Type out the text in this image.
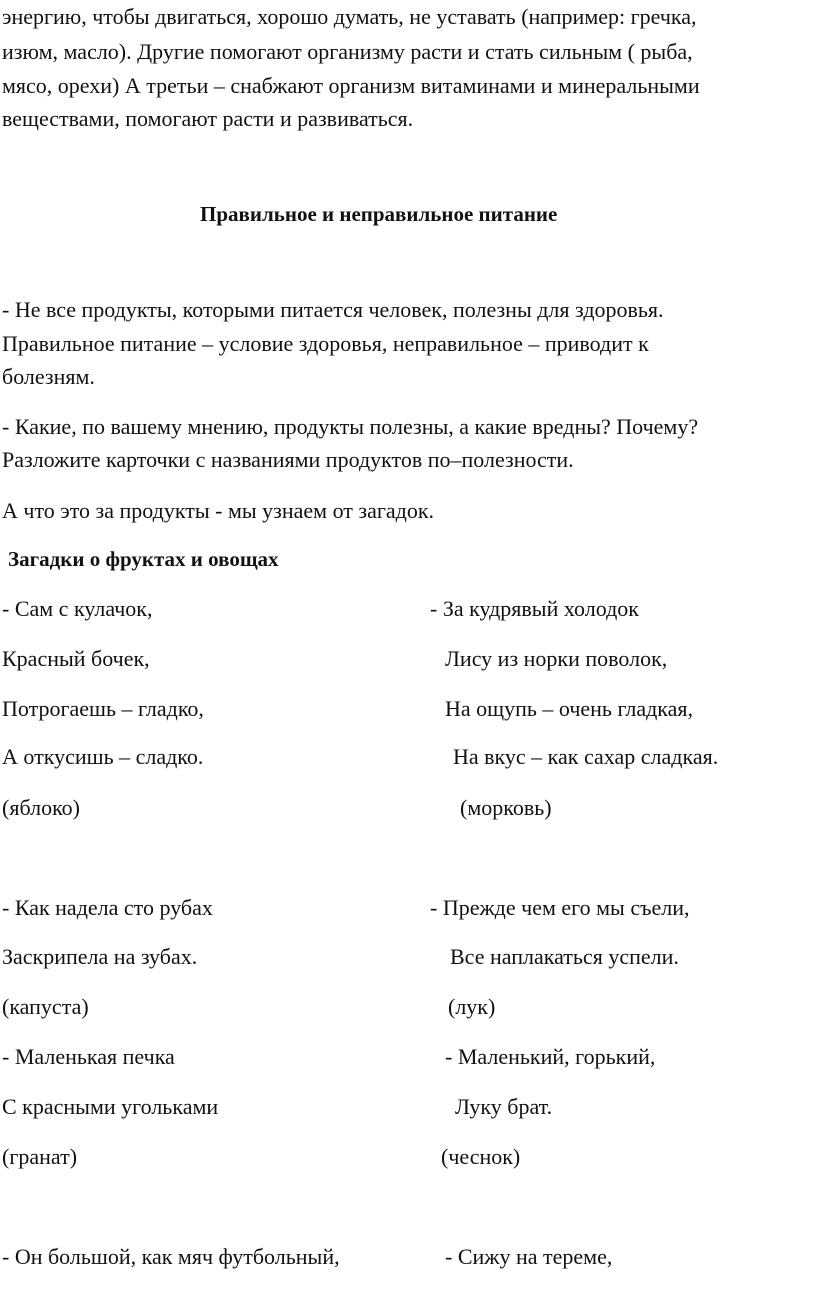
энергию, чтобы двигаться, хорошо думать, не уставать (например: гречка,
изюм, масло). Другие помогают организму расти и стать сильным ( рыба,
мясо, орехи) А третьи – снабжают организм витаминами и минеральными
веществами, помогают расти и развиваться.
Правильное и неправильное питание
- Не все продукты, которыми питается человек, полезны для здоровья.
Правильное питание – условие здоровья, неправильное – приводит к
болезням.
- Какие, по вашему мнению, продукты полезны, а какие вредны? Почему?
Разложите карточки с названиями продуктов по–полезности.
А что это за продукты - мы узнаем от загадок.
Загадки о фруктах и овощах
- Сам с кулачок,
Красный бочек,
Потрогаешь – гладко,
А откусишь – сладко.
(яблоко)
- За кудрявый холодок
Лису из норки поволок,
На ощупь – очень гладкая,
На вкус – как сахар сладкая.
(морковь)
- Как надела сто рубах
Заскрипела на зубах.
(капуста)
- Прежде чем его мы съели,
Все наплакаться успели.
(лук)
- Маленькая печка
С красными угольками
(гранат)
- Маленький, горький,
Луку брат.
(чеснок)
- Он большой, как мяч футбольный,	- Сижу на тереме,
